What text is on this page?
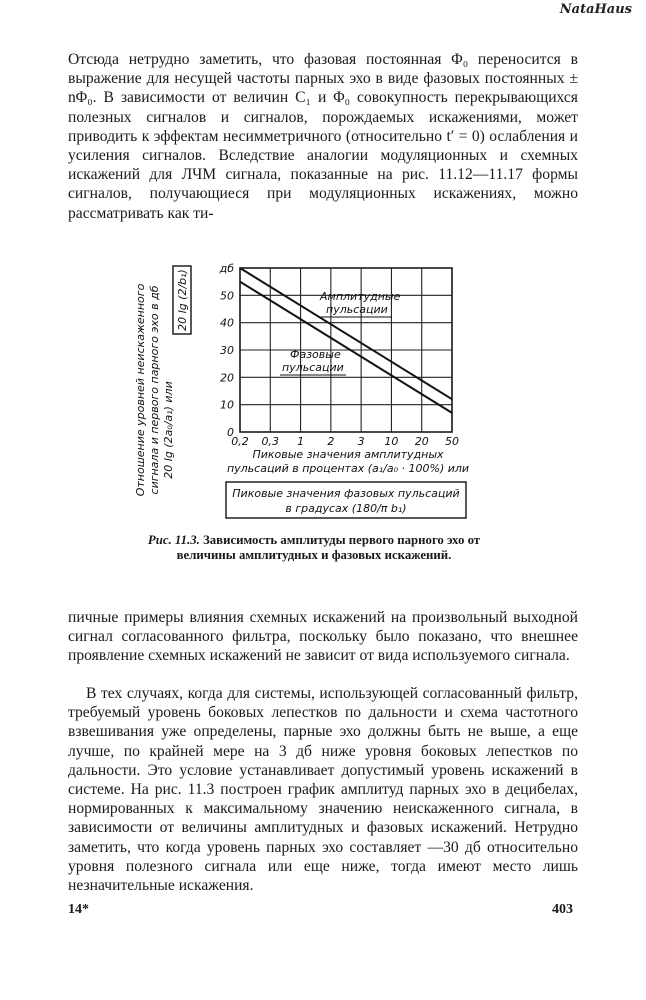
NataHaus

Отсюда нетрудно заметить, что фазовая постоянная Φ₀ переносится в выражение для несущей частоты парных эхо в виде фазовых постоянных ± nΦ₀. В зависимости от величин C₁ и Φ₀ совокупность перекрывающихся полезных сигналов и сигналов, порождаемых искажениями, может приводить к эффектам несимметричного (относительно t′ = 0) ослабления и усиления сигналов. Вследствие аналогии модуляционных и схемных искажений для ЛЧМ сигнала, показанные на рис. 11.12—11.17 формы сигналов, получающиеся при модуляционных искажениях, можно рассматривать как ти-

Отношение уровней неискаженного сигнала и первого парного эхо в дб 20 lg (2a₀/a₁) или
20 lg (2/b₁)
0
10
20
30
40
50
дб
0,2 0,3 1 2 3 10 20 50
Амплитудные
пульсации
Фазовые
пульсации
Пиковые значения амплитудных
пульсаций в процентах (a₁/a₀ · 100%) или
Пиковые значения фазовых пульсаций
в градусах (180/π b₁)
Рис. 11.3. Зависимость амплитуды первого парного эхо от величины амплитудных и фазовых искажений.

пичные примеры влияния схемных искажений на произвольный выходной сигнал согласованного фильтра, поскольку было показано, что внешнее проявление схемных искажений не зависит от вида используемого сигнала.

В тех случаях, когда для системы, использующей согласованный фильтр, требуемый уровень боковых лепестков по дальности и схема частотного взвешивания уже определены, парные эхо должны быть не выше, а еще лучше, по крайней мере на 3 дб ниже уровня боковых лепестков по дальности. Это условие устанавливает допустимый уровень искажений в системе. На рис. 11.3 построен график амплитуд парных эхо в децибелах, нормированных к максимальному значению неискаженного сигнала, в зависимости от величины амплитудных и фазовых искажений. Нетрудно заметить, что когда уровень парных эхо составляет —30 дб относительно уровня полезного сигнала или еще ниже, тогда имеют место лишь незначительные искажения.

14*	403
